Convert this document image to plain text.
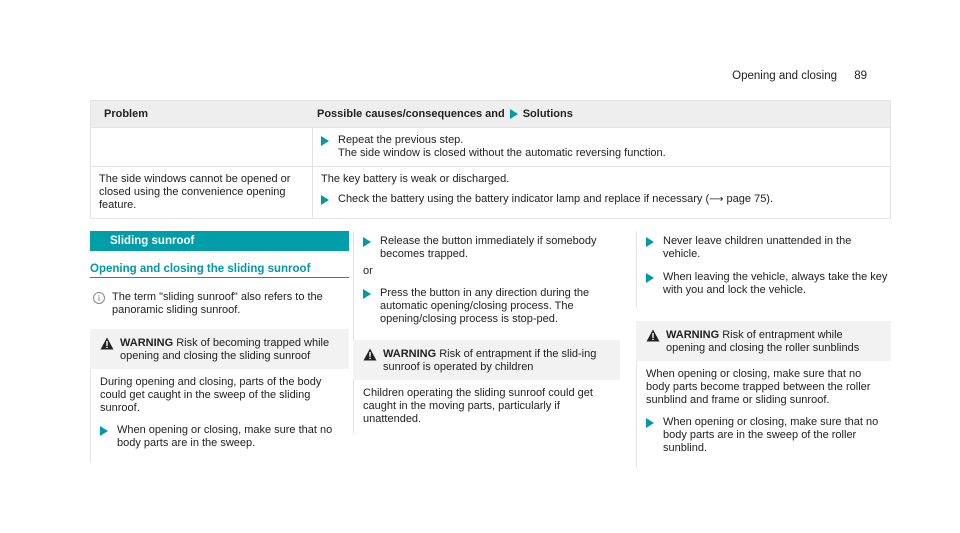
Opening and closing 89
Problem	Possible causes/consequences and Solutions
Repeat the previous step.
The side window is closed without the automatic reversing function.
The side windows cannot be opened or closed using the convenience opening feature.
The key battery is weak or discharged.
Check the battery using the battery indicator lamp and replace if necessary (⟶ page 75).
Sliding sunroof
Opening and closing the sliding sunroof
i	The term "sliding sunroof" also refers to the panoramic sliding sunroof.

WARNING Risk of becoming trapped while opening and closing the sliding sunroof

During opening and closing, parts of the body could get caught in the sweep of the sliding sunroof.

When opening or closing, make sure that no body parts are in the sweep.

Release the button immediately if somebody becomes trapped.

or

Press the button in any direction during the automatic opening/closing process. The opening/closing process is stop-ped.

WARNING Risk of entrapment if the slid-ing sunroof is operated by children

Children operating the sliding sunroof could get caught in the moving parts, particularly if unattended.

Never leave children unattended in the vehicle.

When leaving the vehicle, always take the key with you and lock the vehicle.

WARNING Risk of entrapment while opening and closing the roller sunblinds

When opening or closing, make sure that no body parts become trapped between the roller sunblind and frame or sliding sunroof.

When opening or closing, make sure that no body parts are in the sweep of the roller sunblind.
